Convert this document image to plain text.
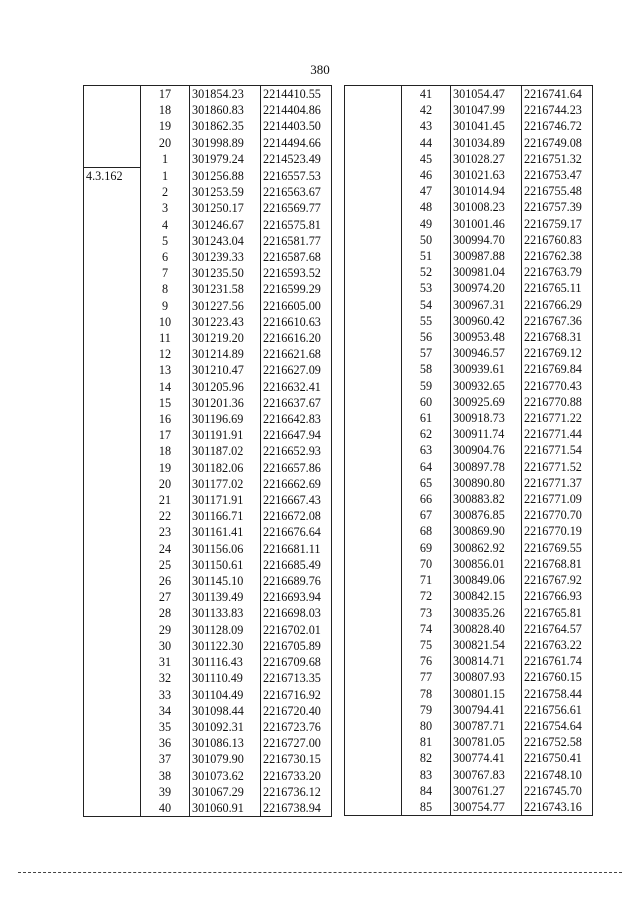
380
	17	301854.23	2214410.55
	18	301860.83	2214404.86
	19	301862.35	2214403.50
	20	301998.89	2214494.66
	1	301979.24	2214523.49
4.3.162	1	301256.88	2216557.53
	2	301253.59	2216563.67
	3	301250.17	2216569.77
	4	301246.67	2216575.81
	5	301243.04	2216581.77
	6	301239.33	2216587.68
	7	301235.50	2216593.52
	8	301231.58	2216599.29
	9	301227.56	2216605.00
	10	301223.43	2216610.63
	11	301219.20	2216616.20
	12	301214.89	2216621.68
	13	301210.47	2216627.09
	14	301205.96	2216632.41
	15	301201.36	2216637.67
	16	301196.69	2216642.83
	17	301191.91	2216647.94
	18	301187.02	2216652.93
	19	301182.06	2216657.86
	20	301177.02	2216662.69
	21	301171.91	2216667.43
	22	301166.71	2216672.08
	23	301161.41	2216676.64
	24	301156.06	2216681.11
	25	301150.61	2216685.49
	26	301145.10	2216689.76
	27	301139.49	2216693.94
	28	301133.83	2216698.03
	29	301128.09	2216702.01
	30	301122.30	2216705.89
	31	301116.43	2216709.68
	32	301110.49	2216713.35
	33	301104.49	2216716.92
	34	301098.44	2216720.40
	35	301092.31	2216723.76
	36	301086.13	2216727.00
	37	301079.90	2216730.15
	38	301073.62	2216733.20
	39	301067.29	2216736.12
	40	301060.91	2216738.94
	41	301054.47	2216741.64
	42	301047.99	2216744.23
	43	301041.45	2216746.72
	44	301034.89	2216749.08
	45	301028.27	2216751.32
	46	301021.63	2216753.47
	47	301014.94	2216755.48
	48	301008.23	2216757.39
	49	301001.46	2216759.17
	50	300994.70	2216760.83
	51	300987.88	2216762.38
	52	300981.04	2216763.79
	53	300974.20	2216765.11
	54	300967.31	2216766.29
	55	300960.42	2216767.36
	56	300953.48	2216768.31
	57	300946.57	2216769.12
	58	300939.61	2216769.84
	59	300932.65	2216770.43
	60	300925.69	2216770.88
	61	300918.73	2216771.22
	62	300911.74	2216771.44
	63	300904.76	2216771.54
	64	300897.78	2216771.52
	65	300890.80	2216771.37
	66	300883.82	2216771.09
	67	300876.85	2216770.70
	68	300869.90	2216770.19
	69	300862.92	2216769.55
	70	300856.01	2216768.81
	71	300849.06	2216767.92
	72	300842.15	2216766.93
	73	300835.26	2216765.81
	74	300828.40	2216764.57
	75	300821.54	2216763.22
	76	300814.71	2216761.74
	77	300807.93	2216760.15
	78	300801.15	2216758.44
	79	300794.41	2216756.61
	80	300787.71	2216754.64
	81	300781.05	2216752.58
	82	300774.41	2216750.41
	83	300767.83	2216748.10
	84	300761.27	2216745.70
	85	300754.77	2216743.16
